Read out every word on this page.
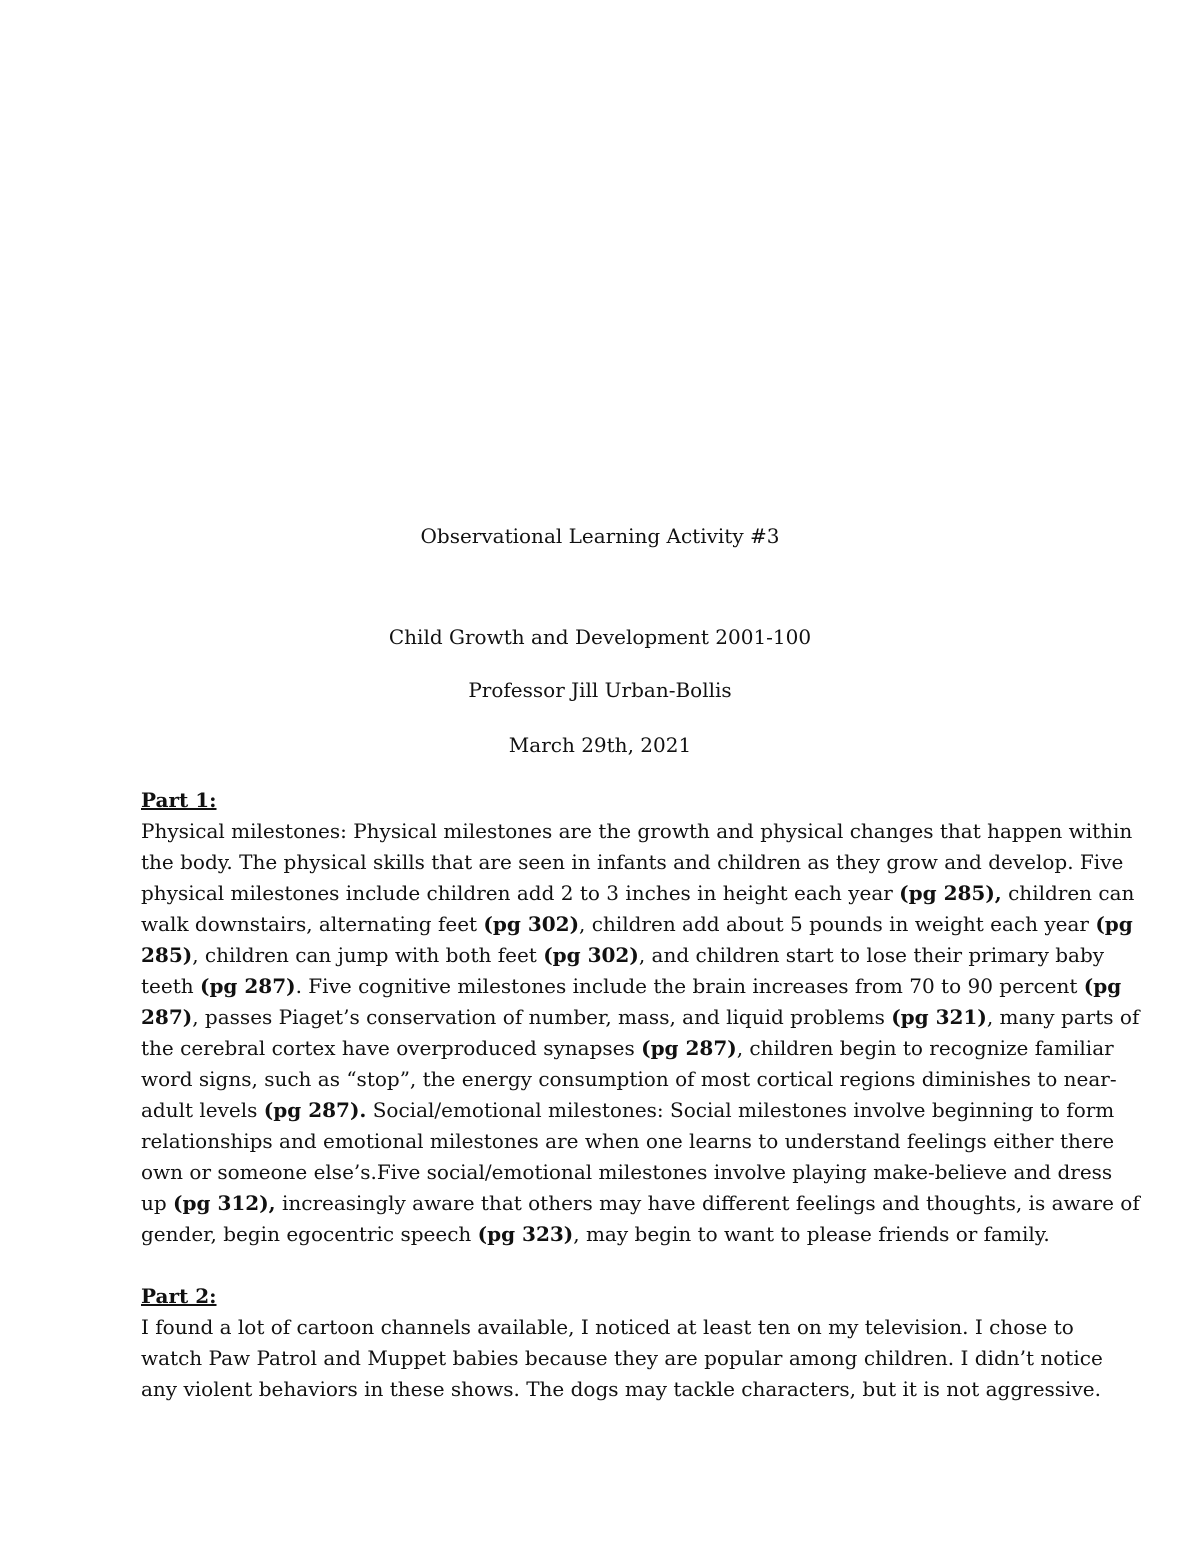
Observational Learning Activity #3
Child Growth and Development 2001-100
Professor Jill Urban-Bollis
March 29th, 2021

Part 1:

Physical milestones: Physical milestones are the growth and physical changes that happen within

the body. The physical skills that are seen in infants and children as they grow and develop. Five

physical milestones include children add 2 to 3 inches in height each year (pg 285), children can

walk downstairs, alternating feet (pg 302), children add about 5 pounds in weight each year (pg

285), children can jump with both feet (pg 302), and children start to lose their primary baby

teeth (pg 287). Five cognitive milestones include the brain increases from 70 to 90 percent (pg

287), passes Piaget’s conservation of number, mass, and liquid problems (pg 321), many parts of

the cerebral cortex have overproduced synapses (pg 287), children begin to recognize familiar

word signs, such as “stop”, the energy consumption of most cortical regions diminishes to near-

adult levels (pg 287). Social/emotional milestones: Social milestones involve beginning to form

relationships and emotional milestones are when one learns to understand feelings either there

own or someone else’s.Five social/emotional milestones involve playing make-believe and dress

up (pg 312), increasingly aware that others may have different feelings and thoughts, is aware of

gender, begin egocentric speech (pg 323), may begin to want to please friends or family.

Part 2:

I found a lot of cartoon channels available, I noticed at least ten on my television. I chose to

watch Paw Patrol and Muppet babies because they are popular among children. I didn’t notice

any violent behaviors in these shows. The dogs may tackle characters, but it is not aggressive.
